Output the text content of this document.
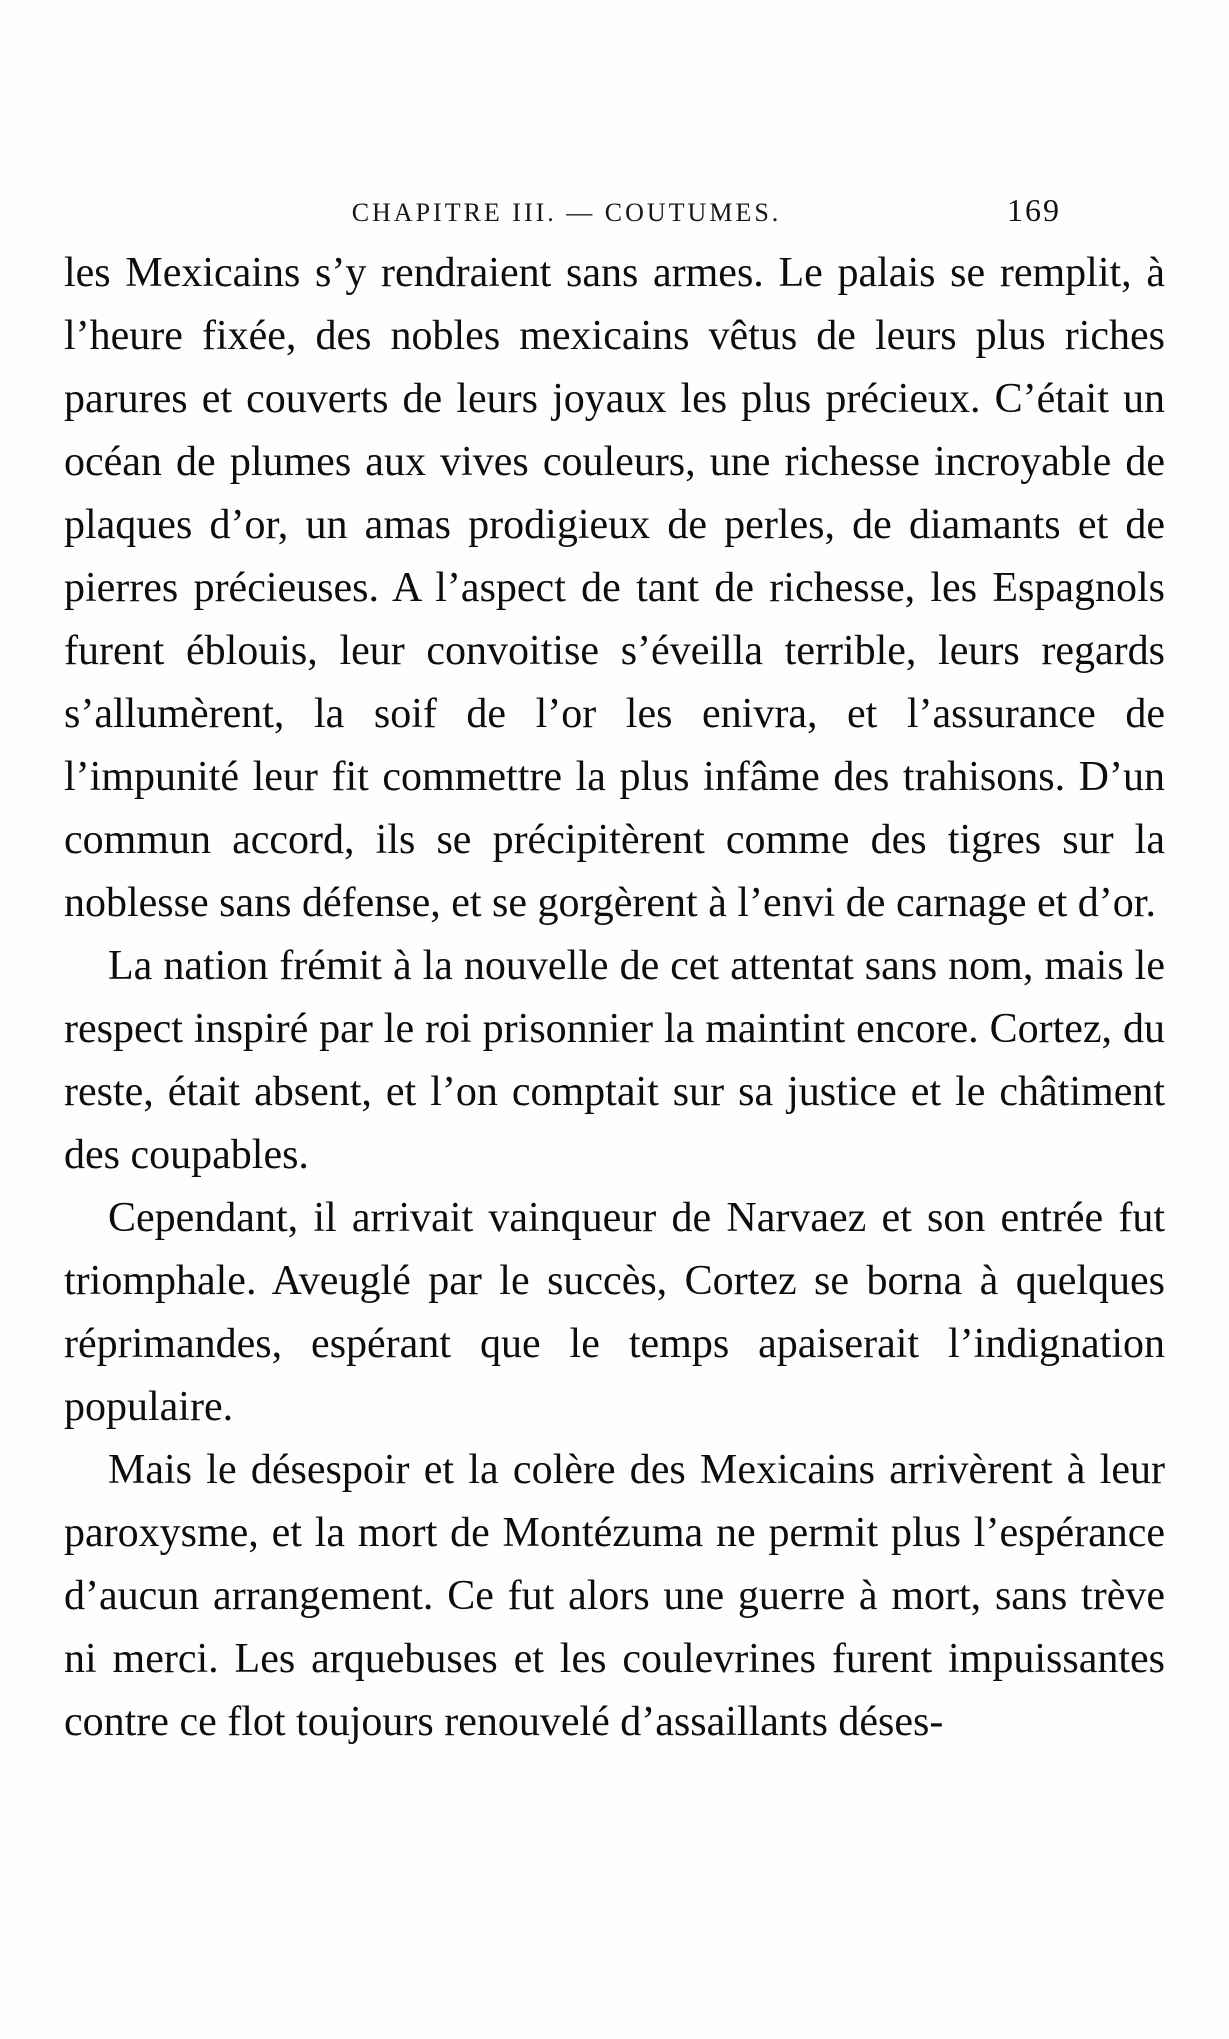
CHAPITRE III. — COUTUMES.	169

les Mexicains s’y rendraient sans armes. Le palais se remplit, à l’heure fixée, des nobles mexicains vêtus de leurs plus riches parures et couverts de leurs joyaux les plus précieux. C’était un océan de plumes aux vives couleurs, une richesse incroyable de plaques d’or, un amas prodigieux de perles, de diamants et de pierres précieuses. A l’aspect de tant de richesse, les Espagnols furent éblouis, leur convoitise s’éveilla terrible, leurs regards s’allumèrent, la soif de l’or les enivra, et l’assurance de l’impunité leur fit commettre la plus infâme des trahisons. D’un commun accord, ils se précipitèrent comme des tigres sur la noblesse sans défense, et se gorgèrent à l’envi de carnage et d’or.

La nation frémit à la nouvelle de cet attentat sans nom, mais le respect inspiré par le roi prisonnier la maintint encore. Cortez, du reste, était absent, et l’on comptait sur sa justice et le châtiment des coupables.

Cependant, il arrivait vainqueur de Narvaez et son entrée fut triomphale. Aveuglé par le succès, Cortez se borna à quelques réprimandes, espérant que le temps apaiserait l’indignation populaire.

Mais le désespoir et la colère des Mexicains arrivèrent à leur paroxysme, et la mort de Montézuma ne permit plus l’espérance d’aucun arrangement. Ce fut alors une guerre à mort, sans trève ni merci. Les arquebuses et les coulevrines furent impuissantes contre ce flot toujours renouvelé d’assaillants déses-
